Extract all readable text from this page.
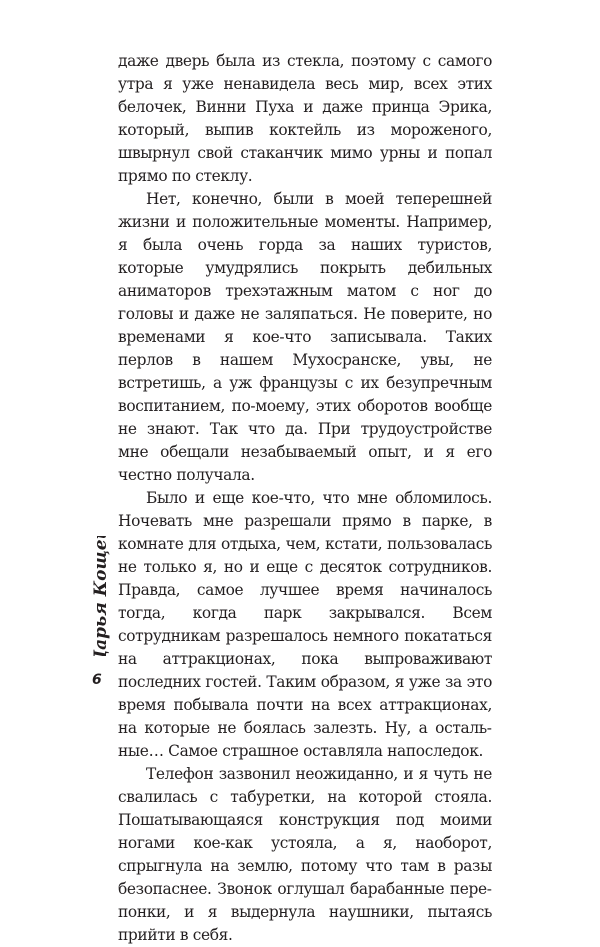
даже дверь была из стекла, поэтому с самого утра я уже ненавидела весь мир, всех этих белочек, Винни Пуха и даже принца Эрика, который, выпив коктейль из мороженого, швырнул свой стаканчик мимо урны и попал прямо по стеклу.

Нет, конечно, были в моей теперешней жизни и положительные моменты. Например, я была очень горда за наших туристов, которые умудрялись покрыть дебильных аниматоров трехэтажным матом с ног до головы и даже не заляпаться. Не поверите, но временами я кое-что записывала. Таких перлов в нашем Мухосранске, увы, не встретишь, а уж французы с их безупречным воспитанием, по-моему, этих оборотов вообще не знают. Так что да. При трудоустройстве мне обещали незабываемый опыт, и я его честно получала.

Было и еще кое-что, что мне обломилось. Ночевать мне разрешали прямо в парке, в комнате для отдыха, чем, кстати, пользовалась не только я, но и еще с десяток сотрудников. Правда, самое лучшее время начиналось тогда, когда парк закрывался. Всем сотрудникам разрешалось немного покататься на аттракционах, пока выпроваживают последних гостей. Таким образом, я уже за это время побывала почти на всех аттракционах, на которые не боялась залезть. Ну, а остальные… Самое страшное оставляла напоследок.

Телефон зазвонил неожиданно, и я чуть не свалилась с табуретки, на которой стояла. Пошатывающаяся конструкция под моими ногами кое-как устояла, а я, наоборот, спрыгнула на землю, потому что там в разы безопаснее. Звонок оглушал барабанные перепонки, и я выдернула наушники, пытаясь прийти в себя.

Дарья Кощей
6
